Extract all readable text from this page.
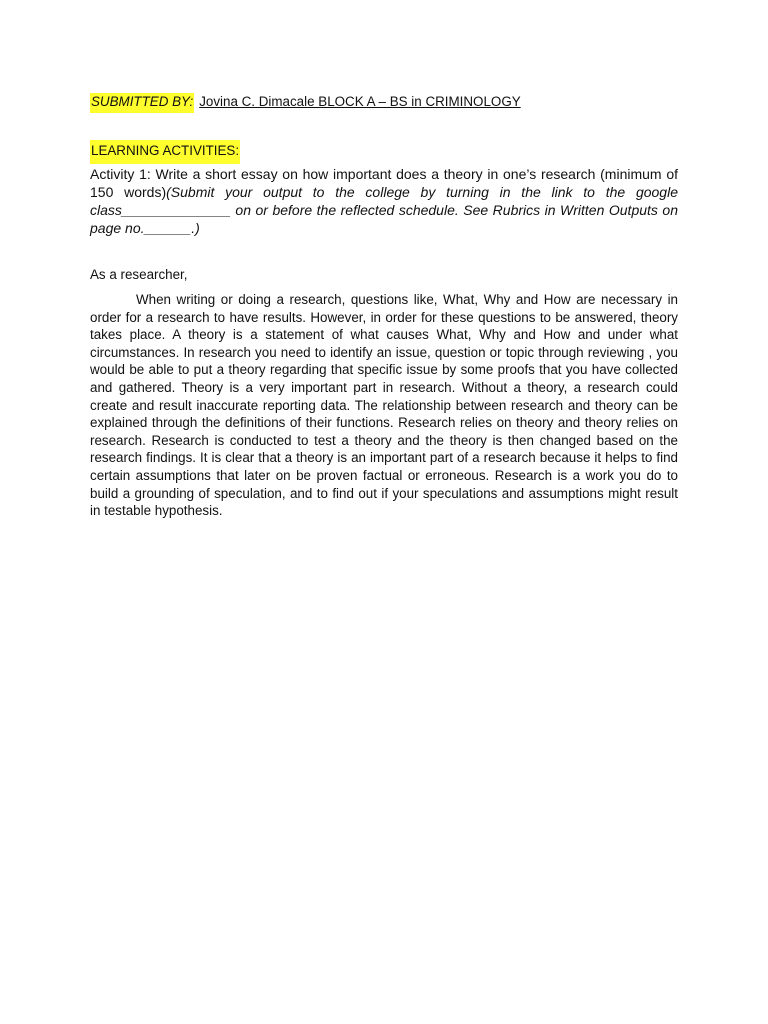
SUBMITTED BY: Jovina C. Dimacale BLOCK A – BS in CRIMINOLOGY
LEARNING ACTIVITIES:
Activity 1: Write a short essay on how important does a theory in one’s research (minimum of 150 words)(Submit your output to the college by turning in the link to the google class______________ on or before the reflected schedule. See Rubrics in Written Outputs on page no.______.)
As a researcher,

When writing or doing a research, questions like, What, Why and How are necessary in order for a research to have results. However, in order for these questions to be answered, theory takes place. A theory is a statement of what causes What, Why and How and under what circumstances. In research you need to identify an issue, question or topic through reviewing , you would be able to put a theory regarding that specific issue by some proofs that you have collected and gathered. Theory is a very important part in research. Without a theory, a research could create and result inaccurate reporting data. The relationship between research and theory can be explained through the definitions of their functions. Research relies on theory and theory relies on research. Research is conducted to test a theory and the theory is then changed based on the research findings. It is clear that a theory is an important part of a research because it helps to find certain assumptions that later on be proven factual or erroneous. Research is a work you do to build a grounding of speculation, and to find out if your speculations and assumptions might result in testable hypothesis.
